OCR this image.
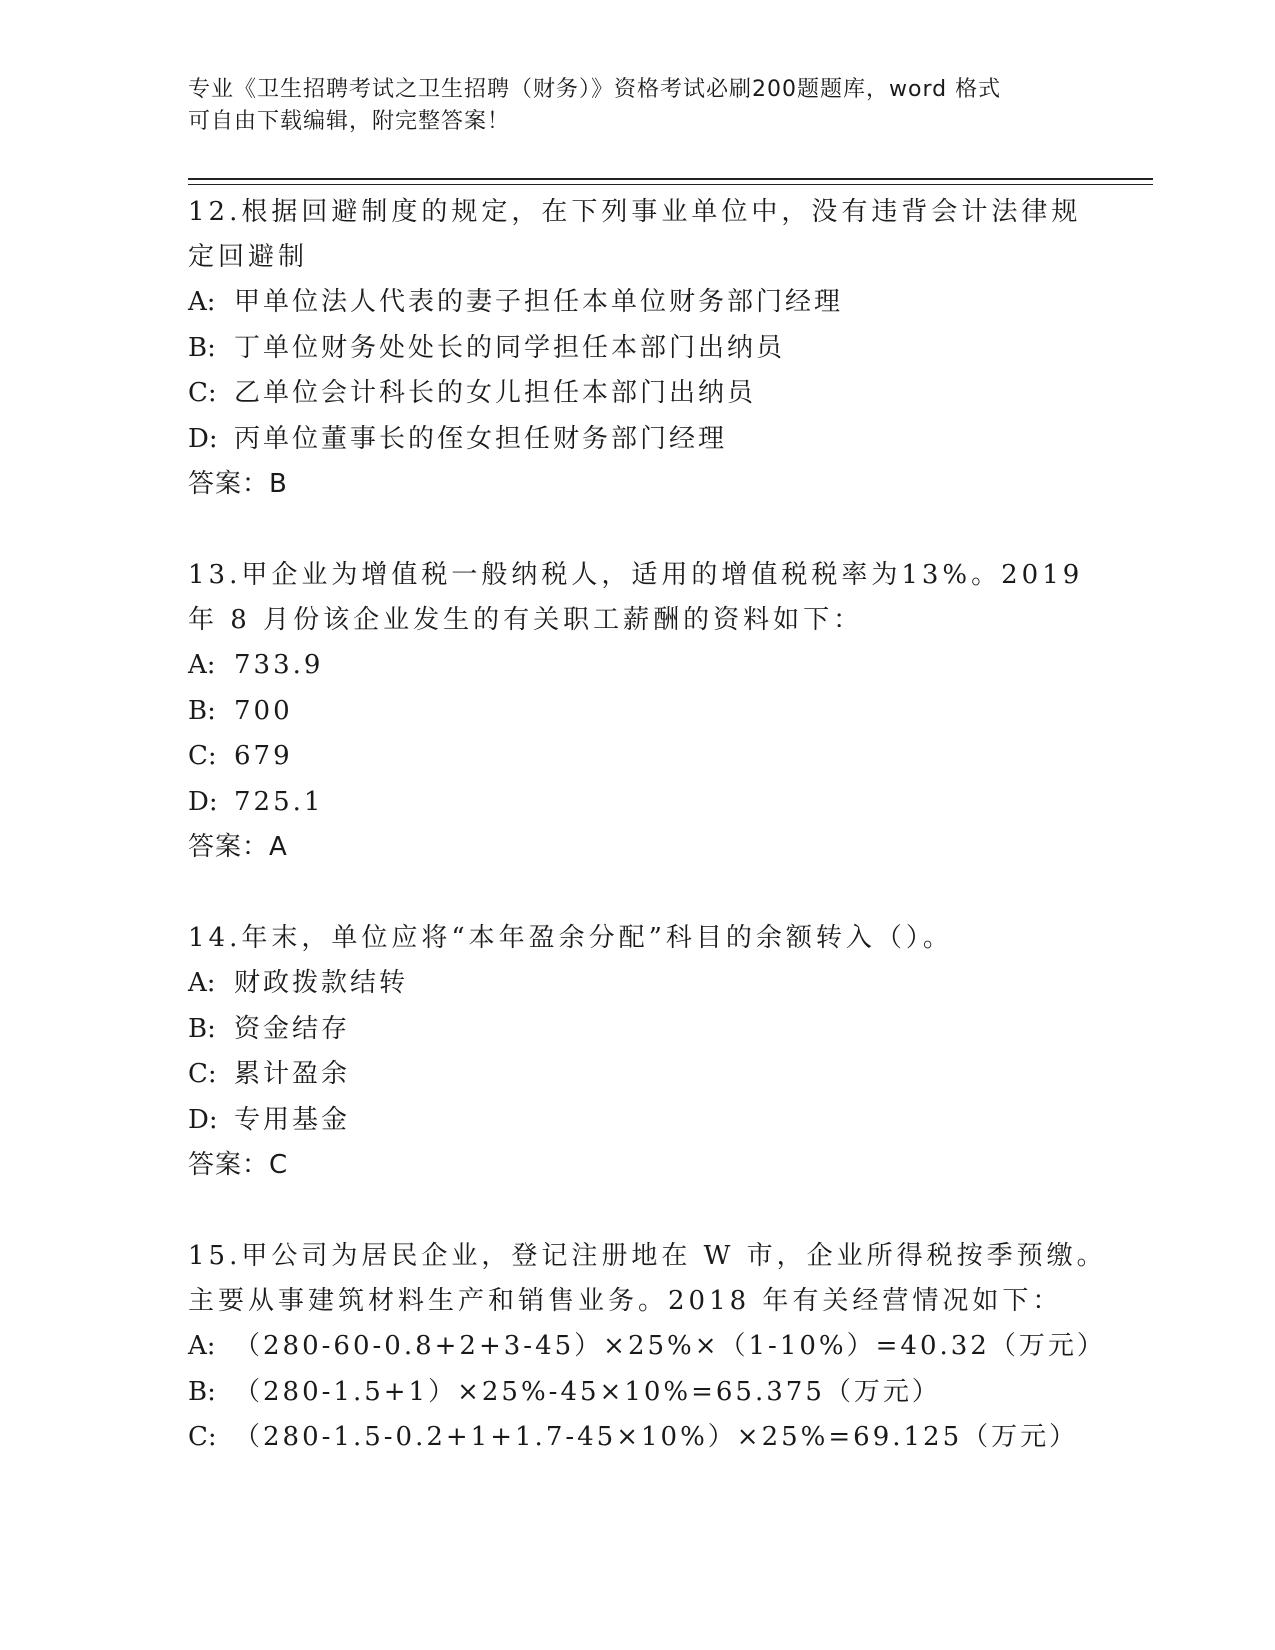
专业《卫生招聘考试之卫生招聘（财务）》资格考试必刷200题题库，word 格式
可自由下载编辑，附完整答案！
12.根据回避制度的规定，在下列事业单位中，没有违背会计法律规定回避制
A: 甲单位法人代表的妻子担任本单位财务部门经理
B: 丁单位财务处处长的同学担任本部门出纳员
C: 乙单位会计科长的女儿担任本部门出纳员
D: 丙单位董事长的侄女担任财务部门经理
答案：B
13.甲企业为增值税一般纳税人，适用的增值税税率为13%。2019 年 8 月份该企业发生的有关职工薪酬的资料如下：
A: 733.9
B: 700
C: 679
D: 725.1
答案：A
14.年末，单位应将“本年盈余分配”科目的余额转入（）。
A: 财政拨款结转
B: 资金结存
C: 累计盈余
D: 专用基金
答案：C
15.甲公司为居民企业，登记注册地在 W 市，企业所得税按季预缴。主要从事建筑材料生产和销售业务。2018 年有关经营情况如下：
A: （280-60-0.8+2+3-45）×25%×（1-10%）=40.32（万元）
B: （280-1.5+1）×25%-45×10%=65.375（万元）
C: （280-1.5-0.2+1+1.7-45×10%）×25%=69.125（万元）
